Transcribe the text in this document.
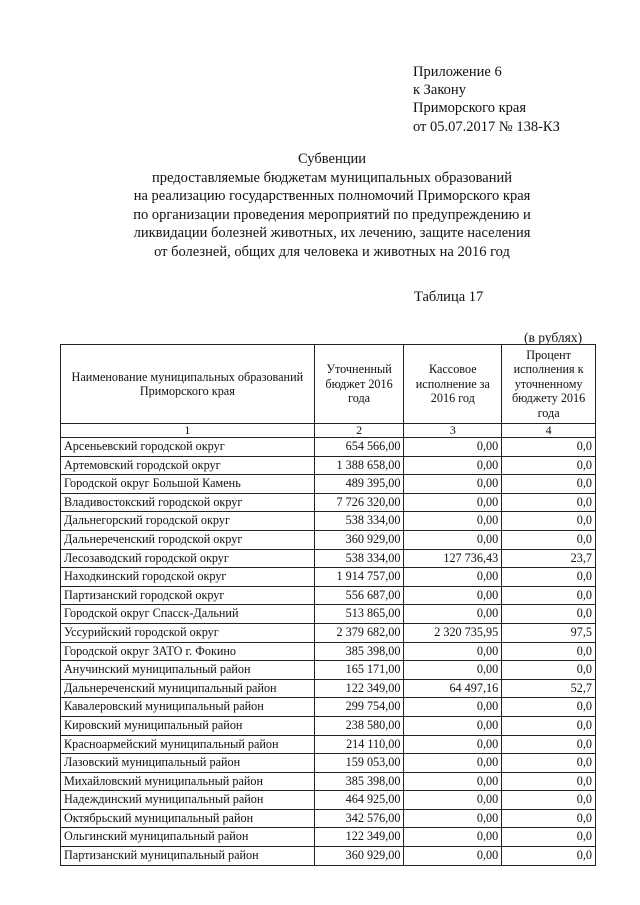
Приложение 6
к Закону
Приморского края
от 05.07.2017 № 138-КЗ
Субвенции
предоставляемые бюджетам муниципальных образований
на реализацию государственных полномочий Приморского края
по организации проведения мероприятий по предупреждению и
ликвидации болезней животных, их лечению, защите населения
от болезней, общих для человека и животных на 2016 год
Таблица 17
(в рублях)
Наименование муниципальных образований Приморского края	Уточненный бюджет 2016 года	Кассовое исполнение за 2016 год	Процент исполнения к уточненному бюджету 2016 года
1	2	3	4
Арсеньевский городской округ	654 566,00	0,00	0,0
Артемовский городской округ	1 388 658,00	0,00	0,0
Городской округ Большой Камень	489 395,00	0,00	0,0
Владивостокский городской округ	7 726 320,00	0,00	0,0
Дальнегорский городской округ	538 334,00	0,00	0,0
Дальнереченский городской округ	360 929,00	0,00	0,0
Лесозаводский городской округ	538 334,00	127 736,43	23,7
Находкинский городской округ	1 914 757,00	0,00	0,0
Партизанский городской округ	556 687,00	0,00	0,0
Городской округ Спасск-Дальний	513 865,00	0,00	0,0
Уссурийский городской округ	2 379 682,00	2 320 735,95	97,5
Городской округ ЗАТО г. Фокино	385 398,00	0,00	0,0
Анучинский муниципальный район	165 171,00	0,00	0,0
Дальнереченский муниципальный район	122 349,00	64 497,16	52,7
Кавалеровский муниципальный район	299 754,00	0,00	0,0
Кировский муниципальный район	238 580,00	0,00	0,0
Красноармейский муниципальный район	214 110,00	0,00	0,0
Лазовский муниципальный район	159 053,00	0,00	0,0
Михайловский муниципальный район	385 398,00	0,00	0,0
Надеждинский муниципальный район	464 925,00	0,00	0,0
Октябрьский муниципальный район	342 576,00	0,00	0,0
Ольгинский муниципальный район	122 349,00	0,00	0,0
Партизанский муниципальный район	360 929,00	0,00	0,0
